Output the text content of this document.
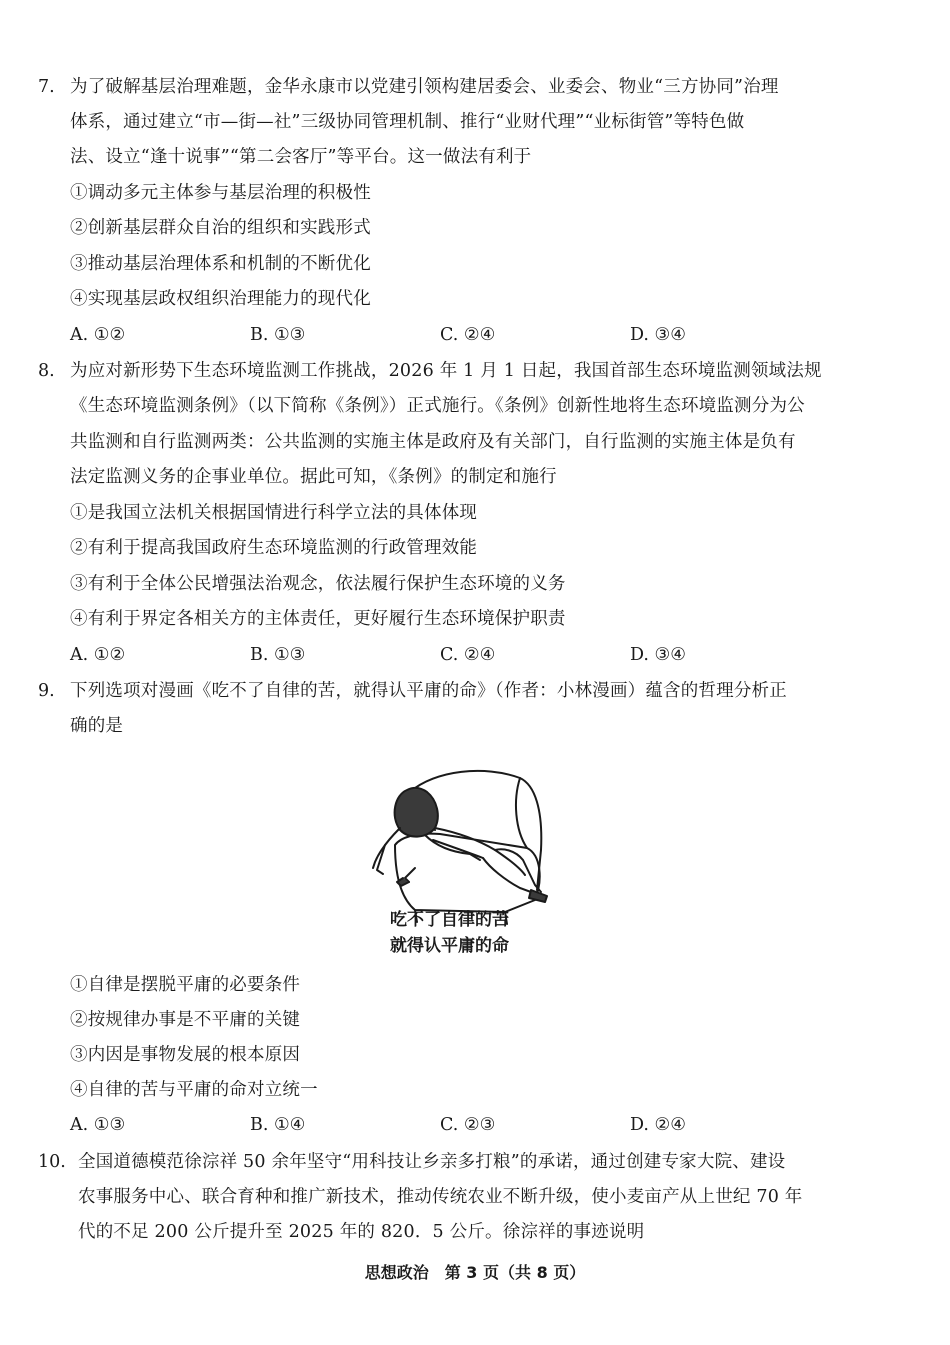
7. 为了破解基层治理难题，金华永康市以党建引领构建居委会、业委会、物业“三方协同”治理
体系，通过建立“市—街—社”三级协同管理机制、推行“业财代理”“业标街管”等特色做
法、设立“逢十说事”“第二会客厅”等平台。这一做法有利于
①调动多元主体参与基层治理的积极性
②创新基层群众自治的组织和实践形式
③推动基层治理体系和机制的不断优化
④实现基层政权组织治理能力的现代化
A. ①②	B. ①③	C. ②④	D. ③④
8. 为应对新形势下生态环境监测工作挑战，2026 年 1 月 1 日起，我国首部生态环境监测领域法规
《生态环境监测条例》（以下简称《条例》）正式施行。《条例》创新性地将生态环境监测分为公
共监测和自行监测两类：公共监测的实施主体是政府及有关部门，自行监测的实施主体是负有
法定监测义务的企事业单位。据此可知，《条例》的制定和施行
①是我国立法机关根据国情进行科学立法的具体体现
②有利于提高我国政府生态环境监测的行政管理效能
③有利于全体公民增强法治观念，依法履行保护生态环境的义务
④有利于界定各相关方的主体责任，更好履行生态环境保护职责
A. ①②	B. ①③	C. ②④	D. ③④
9. 下列选项对漫画《吃不了自律的苦，就得认平庸的命》（作者：小林漫画）蕴含的哲理分析正
确的是
吃不了自律的苦
就得认平庸的命
①自律是摆脱平庸的必要条件
②按规律办事是不平庸的关键
③内因是事物发展的根本原因
④自律的苦与平庸的命对立统一
A. ①③	B. ①④	C. ②③	D. ②④
10. 全国道德模范徐淙祥 50 余年坚守“用科技让乡亲多打粮”的承诺，通过创建专家大院、建设
农事服务中心、联合育种和推广新技术，推动传统农业不断升级，使小麦亩产从上世纪 70 年
代的不足 200 公斤提升至 2025 年的 820．5 公斤。徐淙祥的事迹说明
思想政治　第 3 页（共 8 页）
